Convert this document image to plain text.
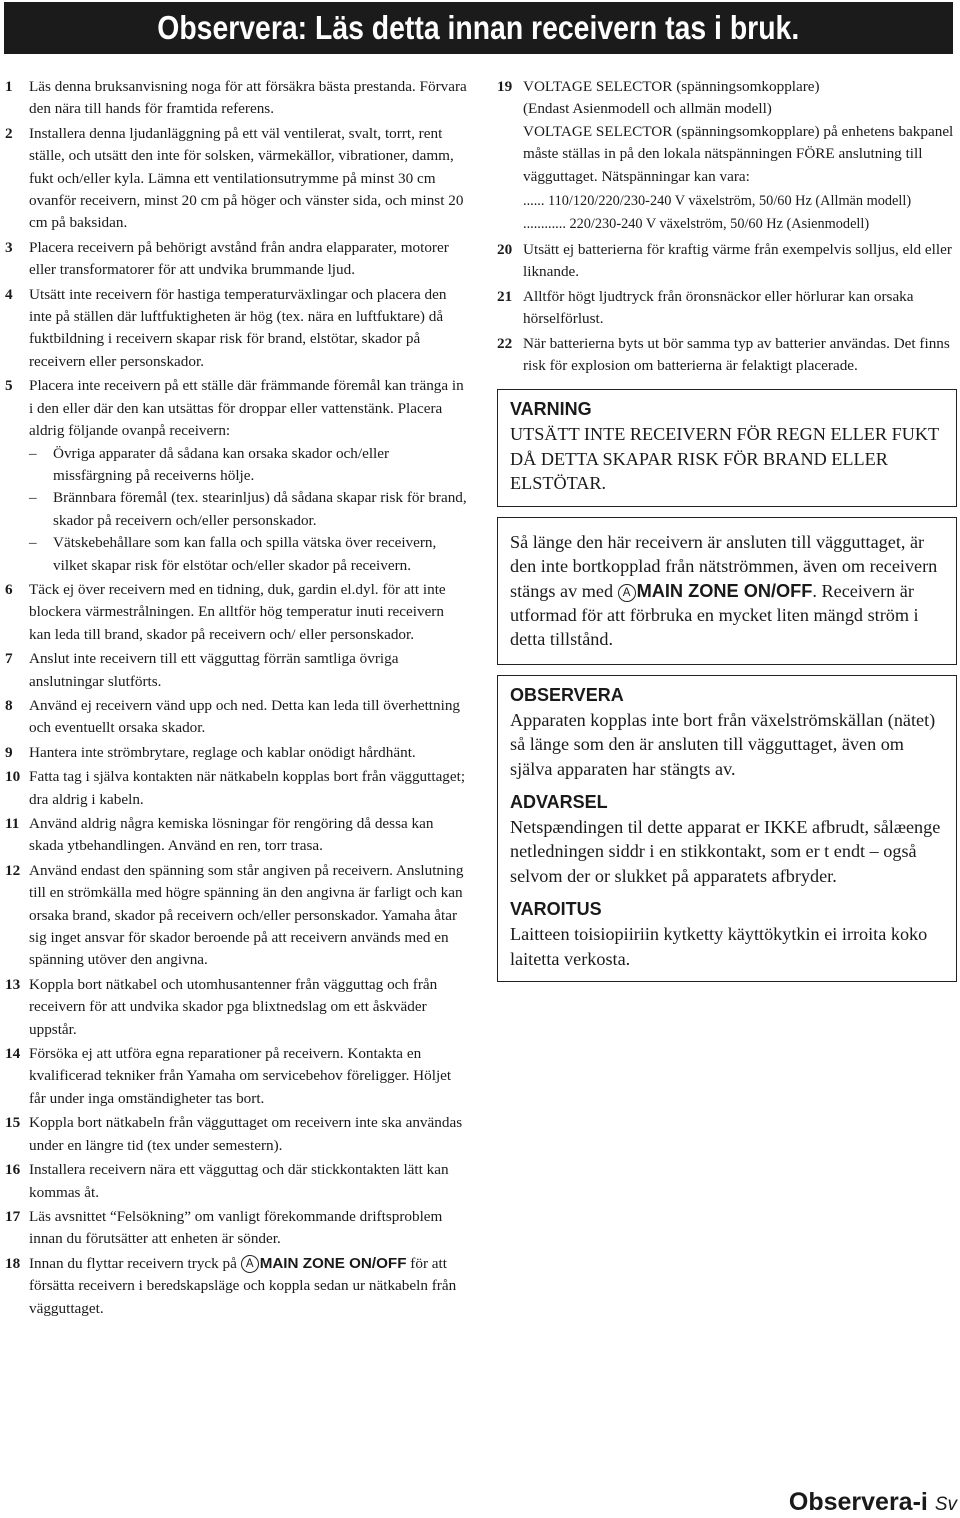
Observera: Läs detta innan receivern tas i bruk.
1	Läs denna bruksanvisning noga för att försäkra bästa prestanda. Förvara den nära till hands för framtida referens.
2	Installera denna ljudanläggning på ett väl ventilerat, svalt, torrt, rent ställe, och utsätt den inte för solsken, värmekällor, vibrationer, damm, fukt och/eller kyla. Lämna ett ventilationsutrymme på minst 30 cm ovanför receivern, minst 20 cm på höger och vänster sida, och minst 20 cm på baksidan.
3	Placera receivern på behörigt avstånd från andra elapparater, motorer eller transformatorer för att undvika brummande ljud.
4	Utsätt inte receivern för hastiga temperaturväxlingar och placera den inte på ställen där luftfuktigheten är hög (tex. nära en luftfuktare) då fuktbildning i receivern skapar risk för brand, elstötar, skador på receivern eller personskador.
5	Placera inte receivern på ett ställe där främmande föremål kan tränga in i den eller där den kan utsättas för droppar eller vattenstänk. Placera aldrig följande ovanpå receivern:
–	Övriga apparater då sådana kan orsaka skador och/eller missfärgning på receiverns hölje.
–	Brännbara föremål (tex. stearinljus) då sådana skapar risk för brand, skador på receivern och/eller personskador.
–	Vätskebehållare som kan falla och spilla vätska över receivern, vilket skapar risk för elstötar och/eller skador på receivern.
6	Täck ej över receivern med en tidning, duk, gardin el.dyl. för att inte blockera värmestrålningen. En alltför hög temperatur inuti receivern kan leda till brand, skador på receivern och/ eller personskador.
7	Anslut inte receivern till ett vägguttag förrän samtliga övriga anslutningar slutförts.
8	Använd ej receivern vänd upp och ned. Detta kan leda till överhettning och eventuellt orsaka skador.
9	Hantera inte strömbrytare, reglage och kablar onödigt hårdhänt.
10 Fatta tag i själva kontakten när nätkabeln kopplas bort från vägguttaget; dra aldrig i kabeln.
11 Använd aldrig några kemiska lösningar för rengöring då dessa kan skada ytbehandlingen. Använd en ren, torr trasa.
12 Använd endast den spänning som står angiven på receivern. Anslutning till en strömkälla med högre spänning än den angivna är farligt och kan orsaka brand, skador på receivern och/eller personskador. Yamaha åtar sig inget ansvar för skador beroende på att receivern används med en spänning utöver den angivna.
13 Koppla bort nätkabel och utomhusantenner från vägguttag och från receivern för att undvika skador pga blixtnedslag om ett åskväder uppstår.
14 Försöka ej att utföra egna reparationer på receivern. Kontakta en kvalificerad tekniker från Yamaha om servicebehov föreligger. Höljet får under inga omständigheter tas bort.
15 Koppla bort nätkabeln från vägguttaget om receivern inte ska användas under en längre tid (tex under semestern).
16 Installera receivern nära ett vägguttag och där stickkontakten lätt kan kommas åt.
17 Läs avsnittet “Felsökning” om vanligt förekommande driftsproblem innan du förutsätter att enheten är sönder.
18 Innan du flyttar receivern tryck på A MAIN ZONE ON/OFF för att försätta receivern i beredskapsläge och koppla sedan ur nätkabeln från vägguttaget.
19 VOLTAGE SELECTOR (spänningsomkopplare)
(Endast Asienmodell och allmän modell)
VOLTAGE SELECTOR (spänningsomkopplare) på enhetens bakpanel måste ställas in på den lokala nätspänningen FÖRE anslutning till vägguttaget. Nätspänningar kan vara:
...... 110/120/220/230-240 V växelström, 50/60 Hz (Allmän modell)
............ 220/230-240 V växelström, 50/60 Hz (Asienmodell)
20 Utsätt ej batterierna för kraftig värme från exempelvis solljus, eld eller liknande.
21 Alltför högt ljudtryck från öronsnäckor eller hörlurar kan orsaka hörselförlust.
22 När batterierna byts ut bör samma typ av batterier användas. Det finns risk för explosion om batterierna är felaktigt placerade.
VARNING
UTSÄTT INTE RECEIVERN FÖR REGN ELLER FUKT DÅ DETTA SKAPAR RISK FÖR BRAND ELLER ELSTÖTAR.
Så länge den här receivern är ansluten till vägguttaget, är den inte bortkopplad från nätströmmen, även om receivern stängs av med A MAIN ZONE ON/OFF. Receivern är utformad för att förbruka en mycket liten mängd ström i detta tillstånd.
OBSERVERA
Apparaten kopplas inte bort från växelströmskällan (nätet) så länge som den är ansluten till vägguttaget, även om själva apparaten har stängts av.
ADVARSEL
Netspændingen til dette apparat er IKKE afbrudt, sålæenge netledningen siddr i en stikkontakt, som er t endt – også selvom der or slukket på apparatets afbryder.
VAROITUS
Laitteen toisiopiiriin kytketty käyttökytkin ei irroita koko laitetta verkosta.
Observera-i Sv
